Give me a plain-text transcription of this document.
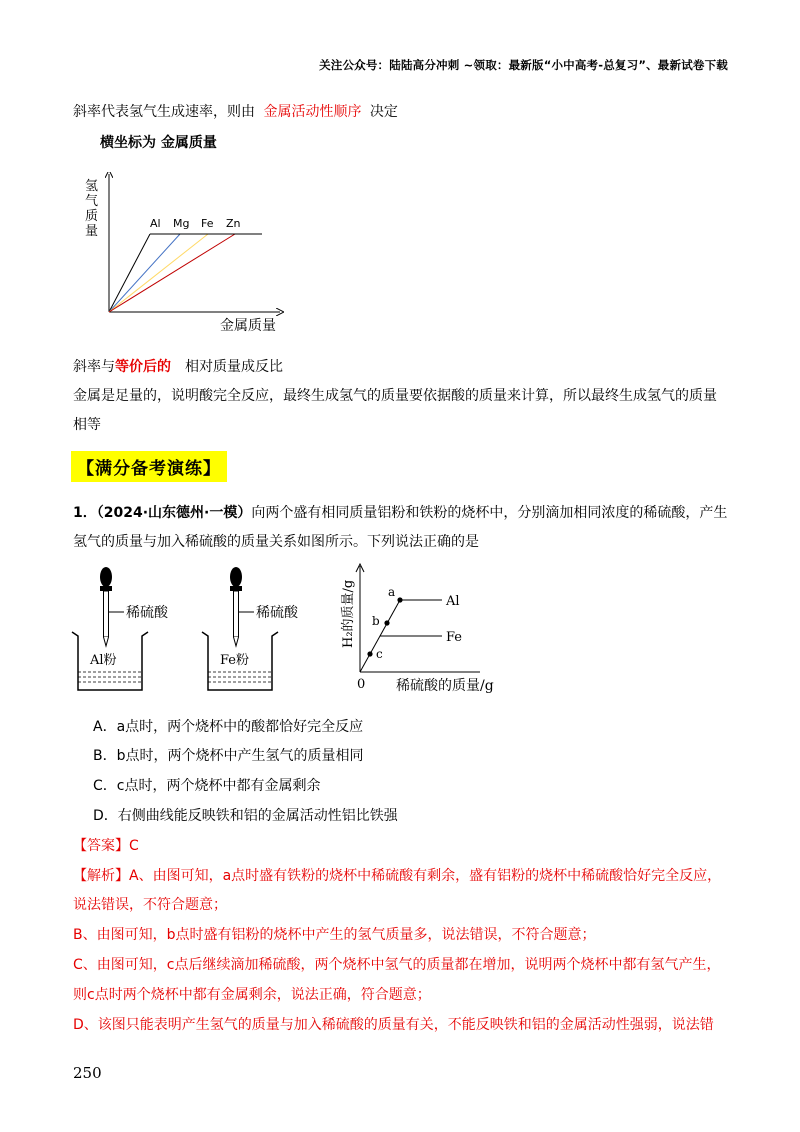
关注公众号：陆陆高分冲刺 ~领取：最新版“小中高考-总复习”、最新试卷下载
斜率代表氢气生成速率，则由 金属活动性顺序 决定
横坐标为 金属质量
Al Mg Fe Zn
氢
气
质
量
金属质量
斜率与等价后的 相对质量成反比
金属是足量的，说明酸完全反应，最终生成氢气的质量要依据酸的质量来计算，所以最终生成氢气的质量
相等
【满分备考演练】
1．（2024·山东德州·一模）向两个盛有相同质量铝粉和铁粉的烧杯中，分别滴加相同浓度的稀硫酸，产生
氢气的质量与加入稀硫酸的质量关系如图所示。下列说法正确的是
稀硫酸
Al粉
稀硫酸
Fe粉
a
b
c
Al
Fe
0 稀硫酸的质量/g
H₂的质量/g
A．a点时，两个烧杯中的酸都恰好完全反应
B．b点时，两个烧杯中产生氢气的质量相同
C．c点时，两个烧杯中都有金属剩余
D．右侧曲线能反映铁和铝的金属活动性铝比铁强
【答案】C
【解析】A、由图可知，a点时盛有铁粉的烧杯中稀硫酸有剩余，盛有铝粉的烧杯中稀硫酸恰好完全反应，
说法错误，不符合题意；
B、由图可知，b点时盛有铝粉的烧杯中产生的氢气质量多，说法错误，不符合题意；
C、由图可知，c点后继续滴加稀硫酸，两个烧杯中氢气的质量都在增加，说明两个烧杯中都有氢气产生，
则c点时两个烧杯中都有金属剩余，说法正确，符合题意；
D、该图只能表明产生氢气的质量与加入稀硫酸的质量有关，不能反映铁和铝的金属活动性强弱，说法错
250
